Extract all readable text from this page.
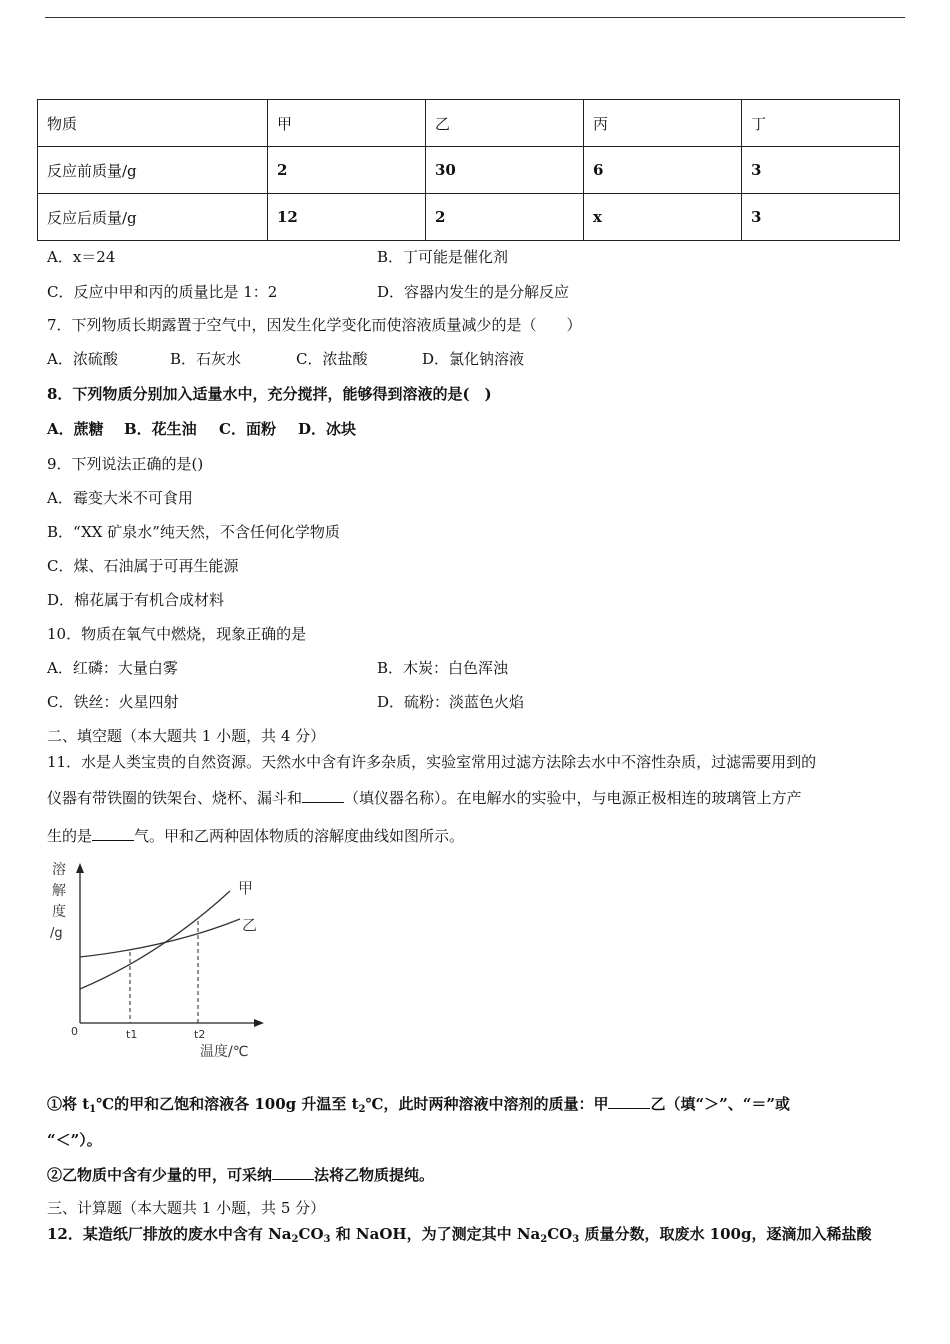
物质	甲	乙	丙	丁
反应前质量/g	2	30	6	3
反应后质量/g	12	2	x	3
A．x＝24	B．丁可能是催化剂
C．反应中甲和丙的质量比是 1：2	D．容器内发生的是分解反应
7．下列物质长期露置于空气中，因发生化学变化而使溶液质量减少的是（　　）
A．浓硫酸	B．石灰水	C．浓盐酸	D．氯化钠溶液
8．下列物质分别加入适量水中，充分搅拌，能够得到溶液的是(　)
A．蔗糖 B．花生油 C．面粉 D．冰块
9．下列说法正确的是()
A．霉变大米不可食用
B．“XX 矿泉水”纯天然，不含任何化学物质
C．煤、石油属于可再生能源
D．棉花属于有机合成材料
10．物质在氧气中燃烧，现象正确的是
A．红磷：大量白雾	B．木炭：白色浑浊
C．铁丝：火星四射	D．硫粉：淡蓝色火焰
二、填空题（本大题共 1 小题，共 4 分）
11．水是人类宝贵的自然资源。天然水中含有许多杂质，实验室常用过滤方法除去水中不溶性杂质，过滤需要用到的
仪器有带铁圈的铁架台、烧杯、漏斗和	（填仪器名称）。在电解水的实验中，与电源正极相连的玻璃管上方产
生的是	气。甲和乙两种固体物质的溶解度曲线如图所示。
溶
解
度
/g
0	t1	t2
甲
乙
温度/℃
①将 $t_1℃$的甲和乙饱和溶液各 100g 升温至 $t_2℃$，此时两种溶液中溶剂的质量：甲	乙（填“＞”、“＝”或
“＜”）。
②乙物质中含有少量的甲，可采纳	法将乙物质提纯。
三、计算题（本大题共 1 小题，共 5 分）
12．某造纸厂排放的废水中含有 $Na_2CO_3$ 和 NaOH，为了测定其中 $Na_2CO_3$ 质量分数，取废水 100g，逐滴加入稀盐酸
